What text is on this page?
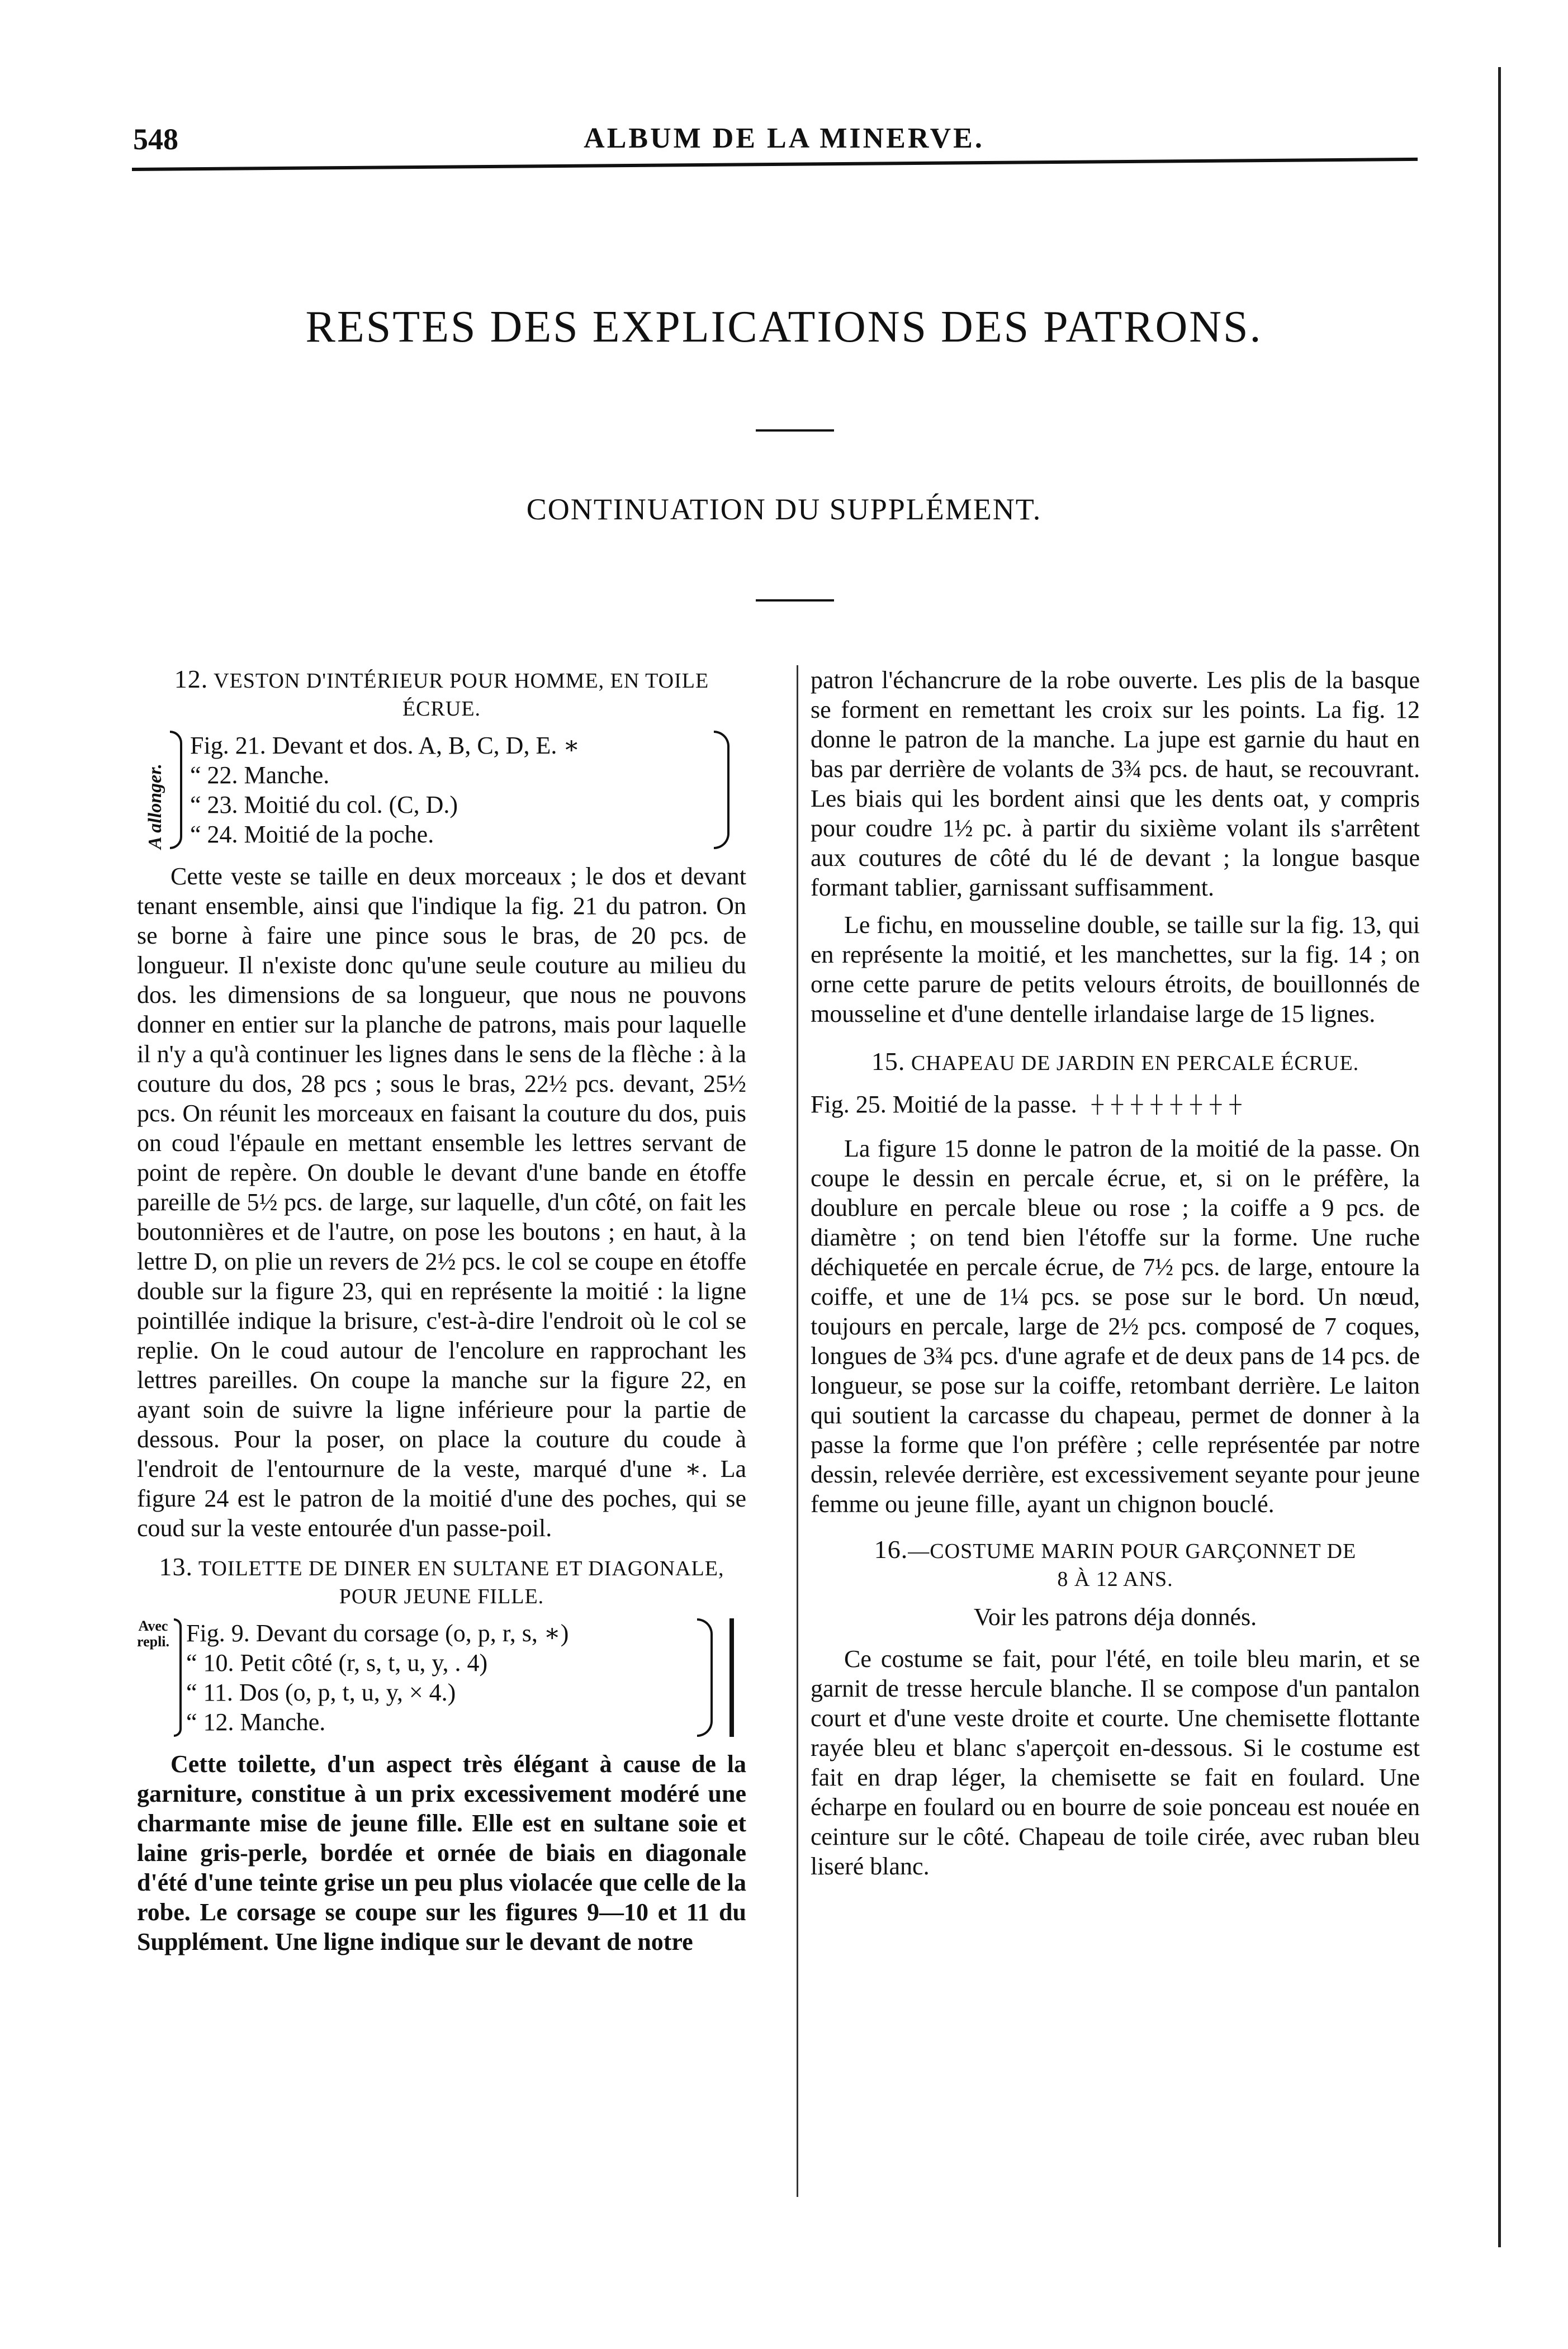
548	ALBUM DE LA MINERVE.
RESTES DES EXPLICATIONS DES PATRONS.
CONTINUATION DU SUPPLÉMENT.
12. VESTON D'INTÉRIEUR POUR HOMME, EN TOILE
ÉCRUE.
A allonger.
Fig. 21. Devant et dos. A, B, C, D, E. ∗
“ 22. Manche.
“ 23. Moitié du col. (C, D.)
“ 24. Moitié de la poche.

Cette veste se taille en deux morceaux ; le dos et devant tenant ensemble, ainsi que l'indique la fig. 21 du patron. On se borne à faire une pince sous le bras, de 20 pcs. de longueur. Il n'existe donc qu'une seule couture au milieu du dos. les dimensions de sa longueur, que nous ne pouvons donner en entier sur la planche de patrons, mais pour laquelle il n'y a qu'à continuer les lignes dans le sens de la flèche : à la couture du dos, 28 pcs ; sous le bras, 22½ pcs. devant, 25½ pcs. On réunit les morceaux en faisant la couture du dos, puis on coud l'épaule en mettant ensemble les lettres servant de point de repère. On double le devant d'une bande en étoffe pareille de 5½ pcs. de large, sur laquelle, d'un côté, on fait les boutonnières et de l'autre, on pose les boutons ; en haut, à la lettre D, on plie un revers de 2½ pcs. le col se coupe en étoffe double sur la figure 23, qui en représente la moitié : la ligne pointillée indique la brisure, c'est-à-dire l'endroit où le col se replie. On le coud autour de l'encolure en rapprochant les lettres pareilles. On coupe la manche sur la figure 22, en ayant soin de suivre la ligne inférieure pour la partie de dessous. Pour la poser, on place la couture du coude à l'endroit de l'entournure de la veste, marqué d'une ∗. La figure 24 est le patron de la moitié d'une des poches, qui se coud sur la veste entourée d'un passe-poil.

13. TOILETTE DE DINER EN SULTANE ET DIAGONALE, POUR JEUNE FILLE.
Avec
repli. Fig. 9. Devant du corsage (o, p, r, s, ∗)
“ 10. Petit côté (r, s, t, u, y, . 4)
“ 11. Dos (o, p, t, u, y, × 4.)
“ 12. Manche.

Cette toilette, d'un aspect très élégant à cause de la garniture, constitue à un prix excessivement modéré une charmante mise de jeune fille. Elle est en sultane soie et laine gris-perle, bordée et ornée de biais en diagonale d'été d'une teinte grise un peu plus violacée que celle de la robe. Le corsage se coupe sur les figures 9—10 et 11 du Supplément. Une ligne indique sur le devant de notre

patron l'échancrure de la robe ouverte. Les plis de la basque se forment en remettant les croix sur les points. La fig. 12 donne le patron de la manche. La jupe est garnie du haut en bas par derrière de volants de 3¾ pcs. de haut, se recouvrant. Les biais qui les bordent ainsi que les dents oat, y compris pour coudre 1½ pc. à partir du sixième volant ils s'arrêtent aux coutures de côté du lé de devant ; la longue basque formant tablier, garnissant suffisamment.

Le fichu, en mousseline double, se taille sur la fig. 13, qui en représente la moitié, et les manchettes, sur la fig. 14 ; on orne cette parure de petits velours étroits, de bouillonnés de mousseline et d'une dentelle irlandaise large de 15 lignes.

15. CHAPEAU DE JARDIN EN PERCALE ÉCRUE.
Fig. 25. Moitié de la passe. ┼┼┼┼┼┼┼┼

La figure 15 donne le patron de la moitié de la passe. On coupe le dessin en percale écrue, et, si on le préfère, la doublure en percale bleue ou rose ; la coiffe a 9 pcs. de diamètre ; on tend bien l'étoffe sur la forme. Une ruche déchiquetée en percale écrue, de 7½ pcs. de large, entoure la coiffe, et une de 1¼ pcs. se pose sur le bord. Un nœud, toujours en percale, large de 2½ pcs. composé de 7 coques, longues de 3¾ pcs. d'une agrafe et de deux pans de 14 pcs. de longueur, se pose sur la coiffe, retombant derrière. Le laiton qui soutient la carcasse du chapeau, permet de donner à la passe la forme que l'on préfère ; celle représentée par notre dessin, relevée derrière, est excessivement seyante pour jeune femme ou jeune fille, ayant un chignon bouclé.

16.—COSTUME MARIN POUR GARÇONNET DE
8 À 12 ANS.
Voir les patrons déja donnés.

Ce costume se fait, pour l'été, en toile bleu marin, et se garnit de tresse hercule blanche. Il se compose d'un pantalon court et d'une veste droite et courte. Une chemisette flottante rayée bleu et blanc s'aperçoit en-dessous. Si le costume est fait en drap léger, la chemisette se fait en foulard. Une écharpe en foulard ou en bourre de soie ponceau est nouée en ceinture sur le côté. Chapeau de toile cirée, avec ruban bleu liseré blanc.
